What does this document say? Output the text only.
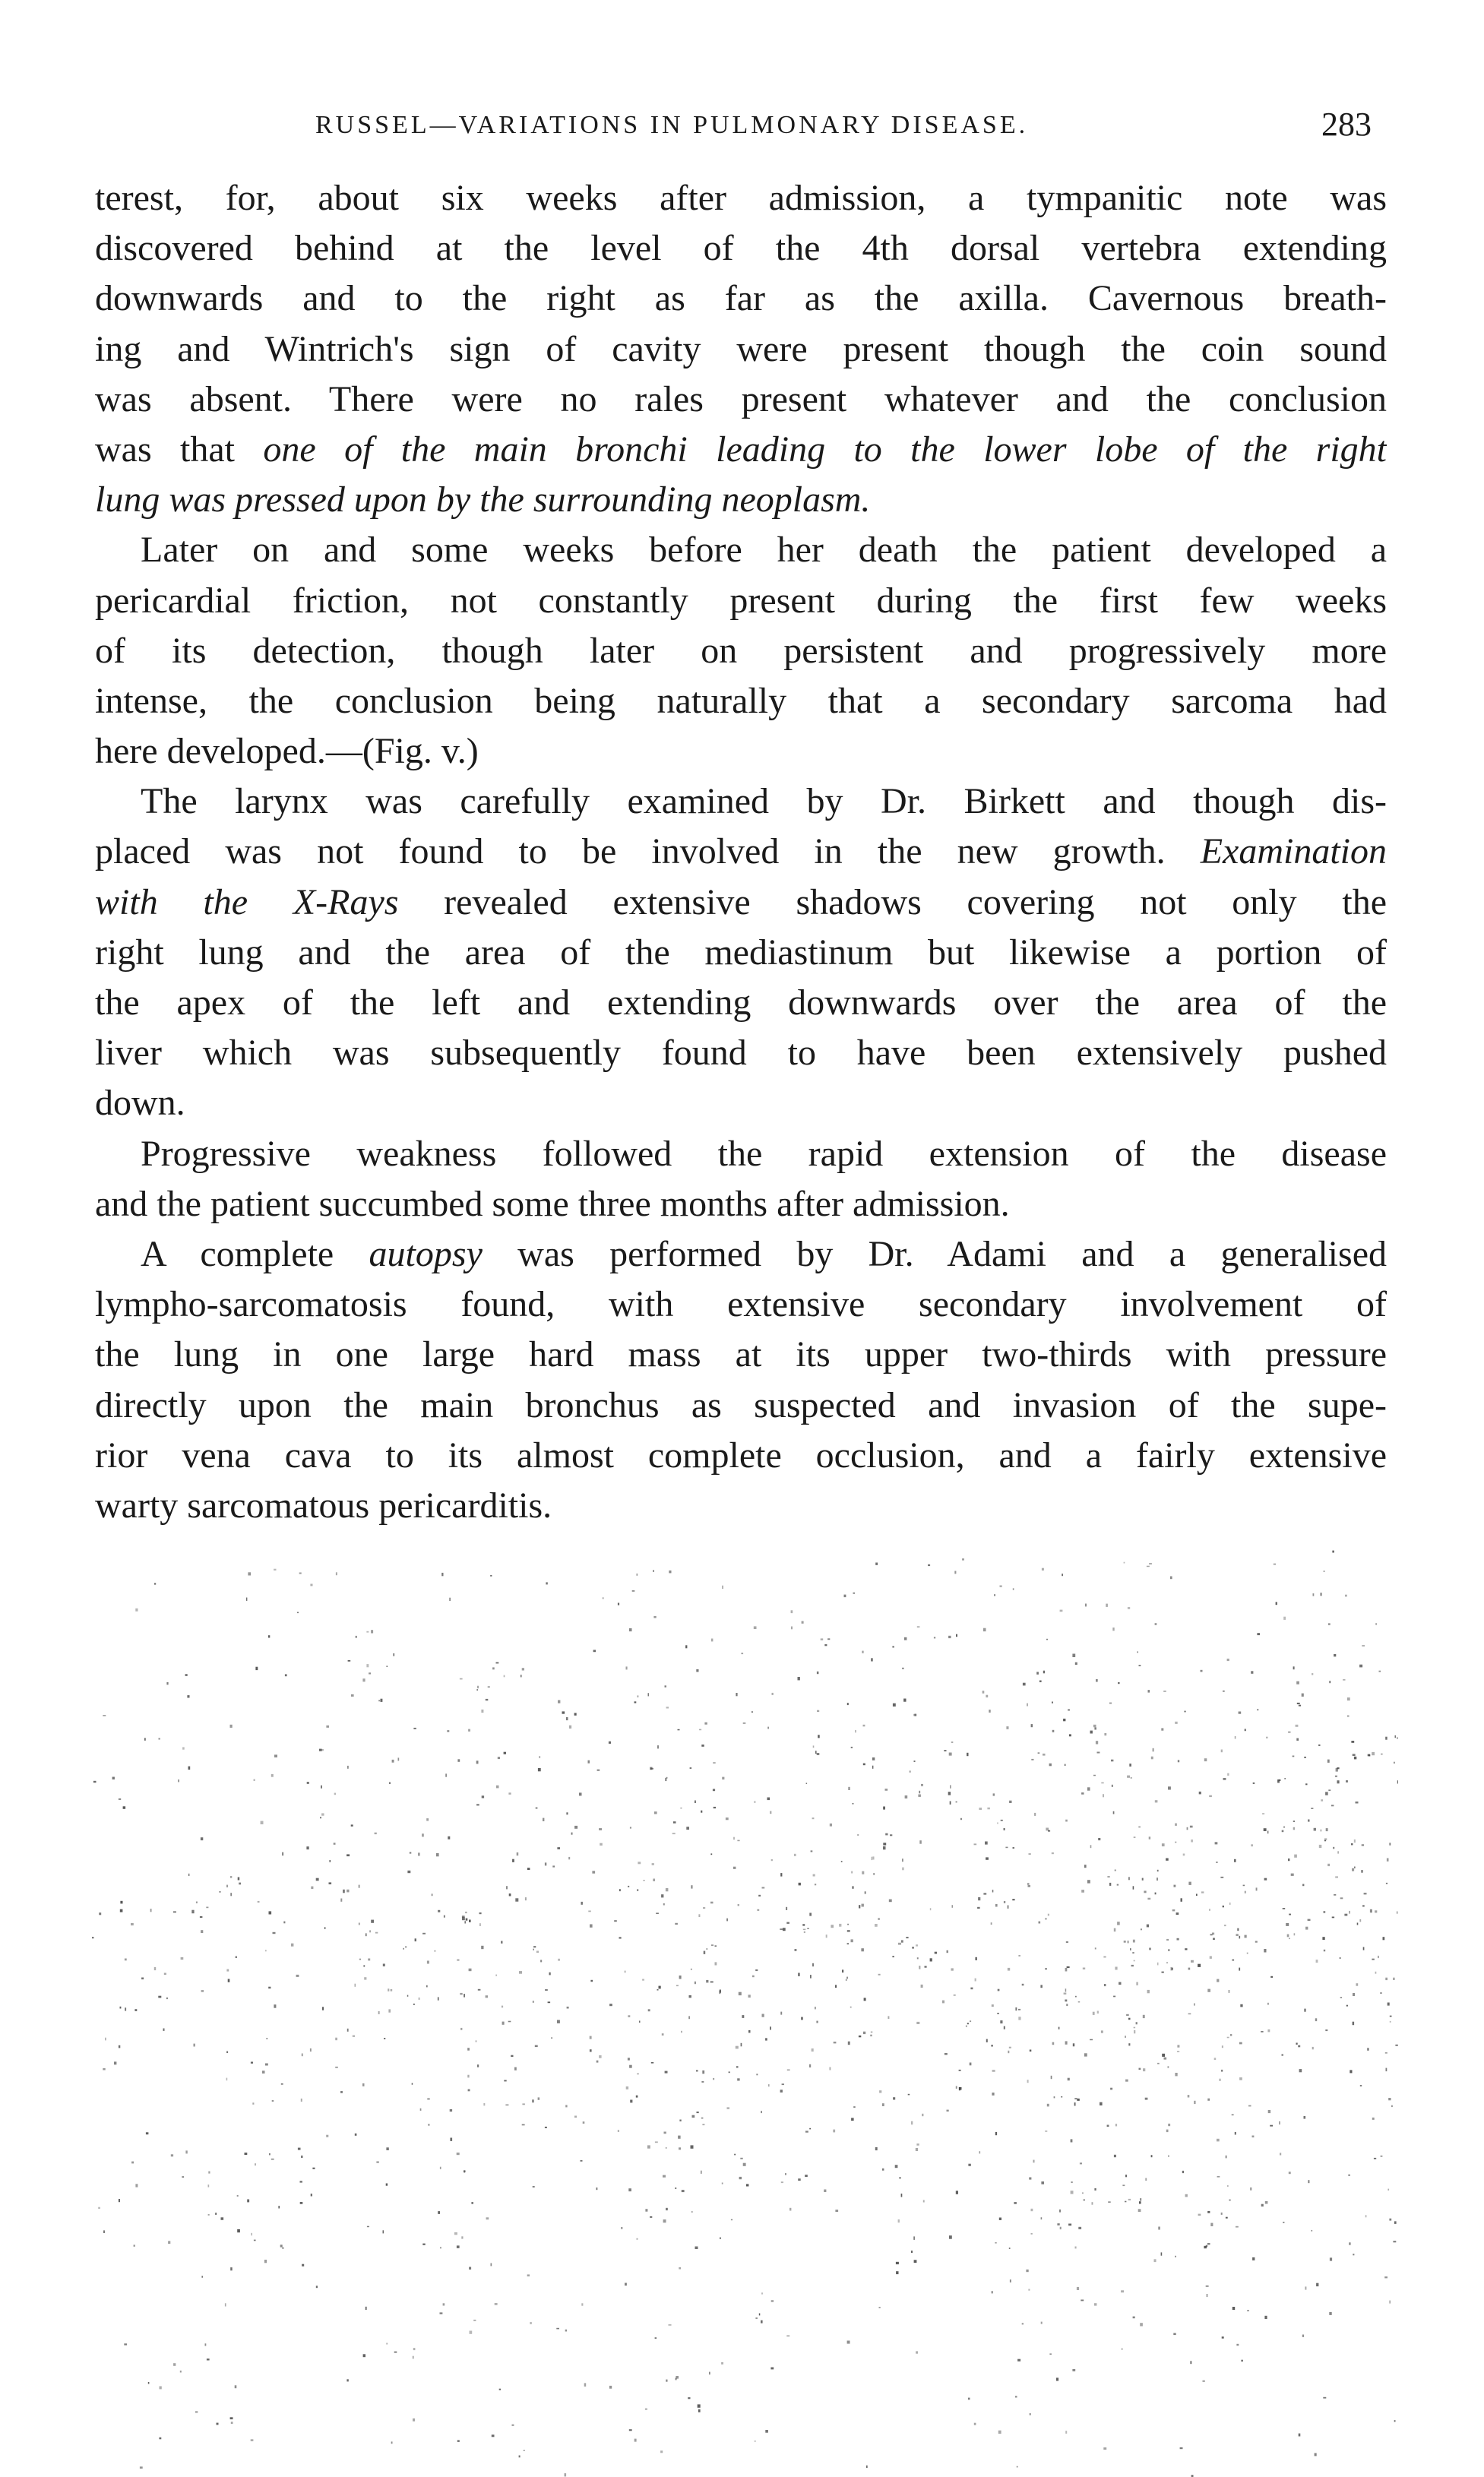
RUSSEL—VARIATIONS IN PULMONARY DISEASE.	283
terest, for, about six weeks after admission, a tympanitic note was
discovered behind at the level of the 4th dorsal vertebra extending
downwards and to the right as far as the axilla. Cavernous breath-
ing and Wintrich's sign of cavity were present though the coin sound
was absent. There were no rales present whatever and the conclusion
was that one of the main bronchi leading to the lower lobe of the right
lung was pressed upon by the surrounding neoplasm.
Later on and some weeks before her death the patient developed a
pericardial friction, not constantly present during the first few weeks
of its detection, though later on persistent and progressively more
intense, the conclusion being naturally that a secondary sarcoma had
here developed.—(Fig. v.)
The larynx was carefully examined by Dr. Birkett and though dis-
placed was not found to be involved in the new growth. Examination
with the X-Rays revealed extensive shadows covering not only the
right lung and the area of the mediastinum but likewise a portion of
the apex of the left and extending downwards over the area of the
liver which was subsequently found to have been extensively pushed
down.
Progressive weakness followed the rapid extension of the disease
and the patient succumbed some three months after admission.
A complete autopsy was performed by Dr. Adami and a generalised
lympho-sarcomatosis found, with extensive secondary involvement of
the lung in one large hard mass at its upper two-thirds with pressure
directly upon the main bronchus as suspected and invasion of the supe-
rior vena cava to its almost complete occlusion, and a fairly extensive
warty sarcomatous pericarditis.
